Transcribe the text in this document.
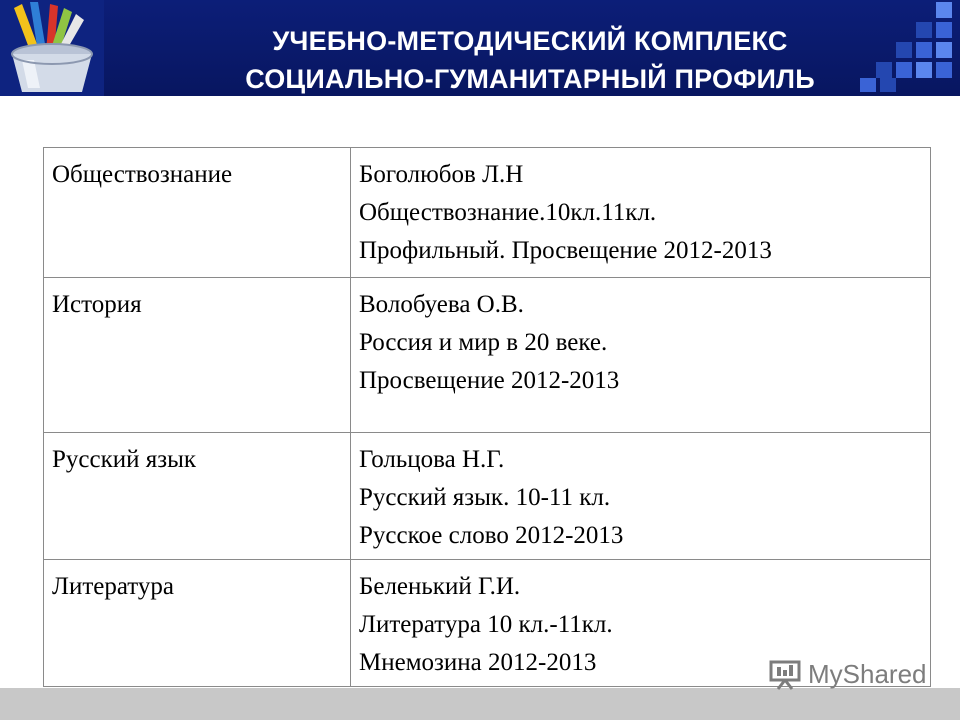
УЧЕБНО-МЕТОДИЧЕСКИЙ КОМПЛЕКС
СОЦИАЛЬНО-ГУМАНИТАРНЫЙ ПРОФИЛЬ
Обществознание	Боголюбов Л.Н
Обществознание.10кл.11кл.
Профильный. Просвещение 2012-2013

История	Волобуева О.В.
Россия и мир в 20 веке.
Просвещение 2012-2013

Русский язык	Гольцова Н.Г.
Русский язык. 10-11 кл.
Русское слово 2012-2013

Литература	Беленький Г.И.
Литература 10 кл.-11кл.
Мнемозина 2012-2013	MyShared
